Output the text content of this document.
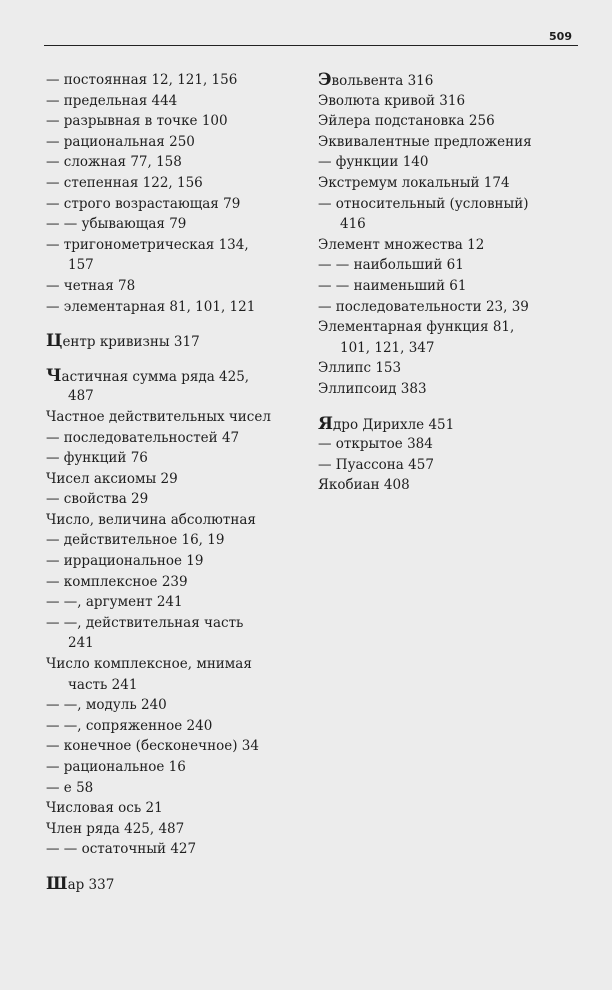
509
— постоянная 12, 121, 156
— предельная 444
— разрывная в точке 100
— рациональная 250
— сложная 77, 158
— степенная 122, 156
— строго возрастающая 79
— — убывающая 79
— тригонометрическая 134,
157
— четная 78
— элементарная 81, 101, 121
Центр кривизны 317
Частичная сумма ряда 425,
487
Частное действительных чисел
— последовательностей 47
— функций 76
Чисел аксиомы 29
— свойства 29
Число, величина абсолютная
— действительное 16, 19
— иррациональное 19
— комплексное 239
— —, аргумент 241
— —, действительная часть
241
Число комплексное, мнимая
часть 241
— —, модуль 240
— —, сопряженное 240
— конечное (бесконечное) 34
— рациональное 16
— e 58
Числовая ось 21
Член ряда 425, 487
— — остаточный 427
Шар 337
Эвольвента 316
Эволюта кривой 316
Эйлера подстановка 256
Эквивалентные предложения
— функции 140
Экстремум локальный 174
— относительный (условный)
416
Элемент множества 12
— — наибольший 61
— — наименьший 61
— последовательности 23, 39
Элементарная функция 81,
101, 121, 347
Эллипс 153
Эллипсоид 383
Ядро Дирихле 451
— открытое 384
— Пуассона 457
Якобиан 408
